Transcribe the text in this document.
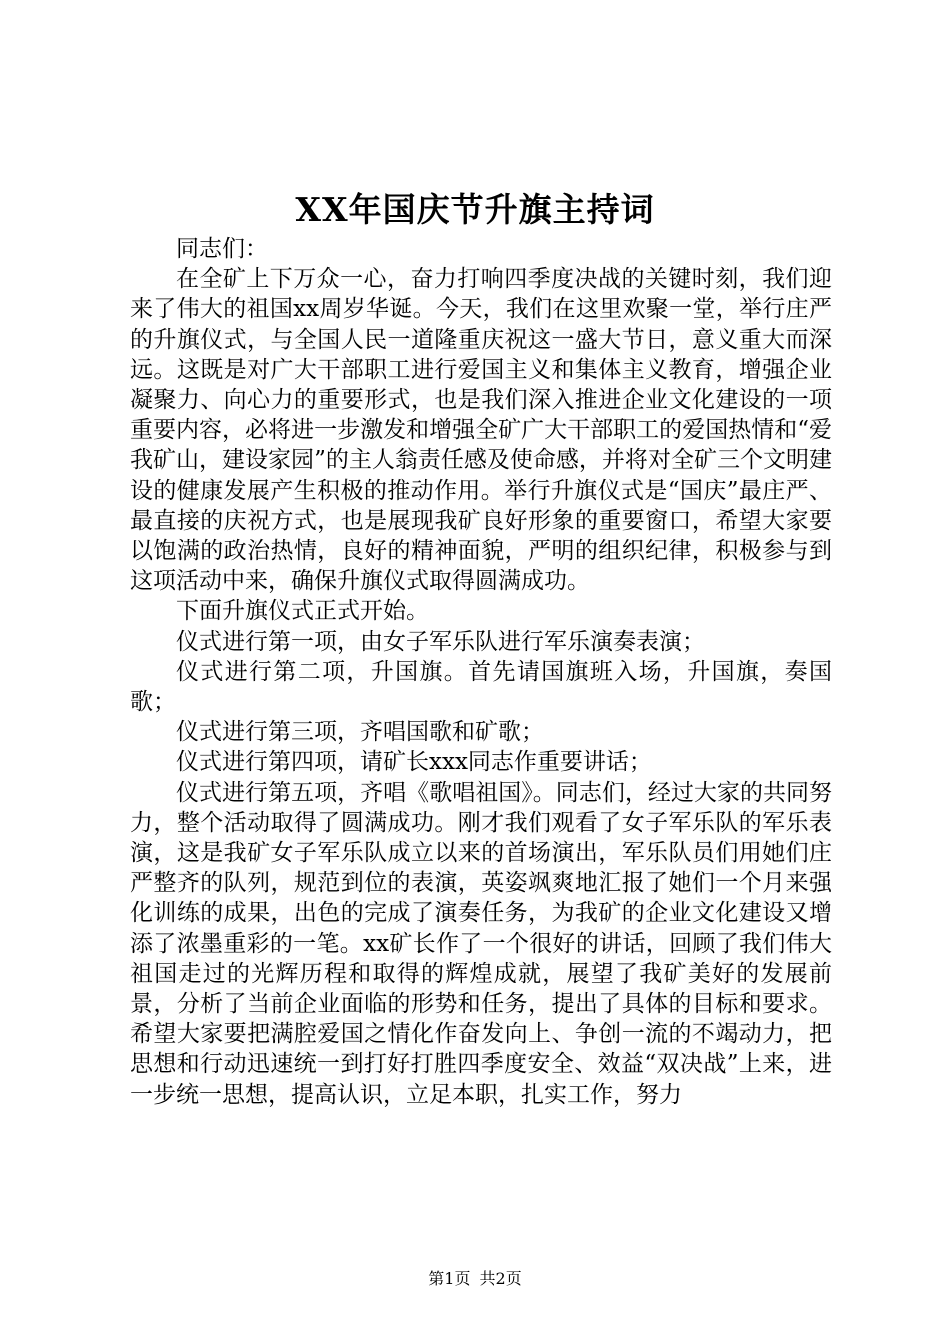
XX年国庆节升旗主持词

同志们：

在全矿上下万众一心，奋力打响四季度决战的关键时刻，我们迎来了伟大的祖国xx周岁华诞。今天，我们在这里欢聚一堂，举行庄严的升旗仪式，与全国人民一道隆重庆祝这一盛大节日，意义重大而深远。这既是对广大干部职工进行爱国主义和集体主义教育，增强企业凝聚力、向心力的重要形式，也是我们深入推进企业文化建设的一项重要内容，必将进一步激发和增强全矿广大干部职工的爱国热情和“爱我矿山，建设家园”的主人翁责任感及使命感，并将对全矿三个文明建设的健康发展产生积极的推动作用。举行升旗仪式是“国庆”最庄严、最直接的庆祝方式，也是展现我矿良好形象的重要窗口，希望大家要以饱满的政治热情，良好的精神面貌，严明的组织纪律，积极参与到这项活动中来，确保升旗仪式取得圆满成功。

下面升旗仪式正式开始。

仪式进行第一项，由女子军乐队进行军乐演奏表演；

仪式进行第二项，升国旗。首先请国旗班入场，升国旗，奏国歌；

仪式进行第三项，齐唱国歌和矿歌；

仪式进行第四项，请矿长xxx同志作重要讲话；

仪式进行第五项，齐唱《歌唱祖国》。同志们，经过大家的共同努力，整个活动取得了圆满成功。刚才我们观看了女子军乐队的军乐表演，这是我矿女子军乐队成立以来的首场演出，军乐队员们用她们庄严整齐的队列，规范到位的表演，英姿飒爽地汇报了她们一个月来强化训练的成果，出色的完成了演奏任务，为我矿的企业文化建设又增添了浓墨重彩的一笔。xx矿长作了一个很好的讲话，回顾了我们伟大祖国走过的光辉历程和取得的辉煌成就，展望了我矿美好的发展前景，分析了当前企业面临的形势和任务，提出了具体的目标和要求。希望大家要把满腔爱国之情化作奋发向上、争创一流的不竭动力，把思想和行动迅速统一到打好打胜四季度安全、效益“双决战”上来，进一步统一思想，提高认识，立足本职，扎实工作，努力

第1页 共2页
